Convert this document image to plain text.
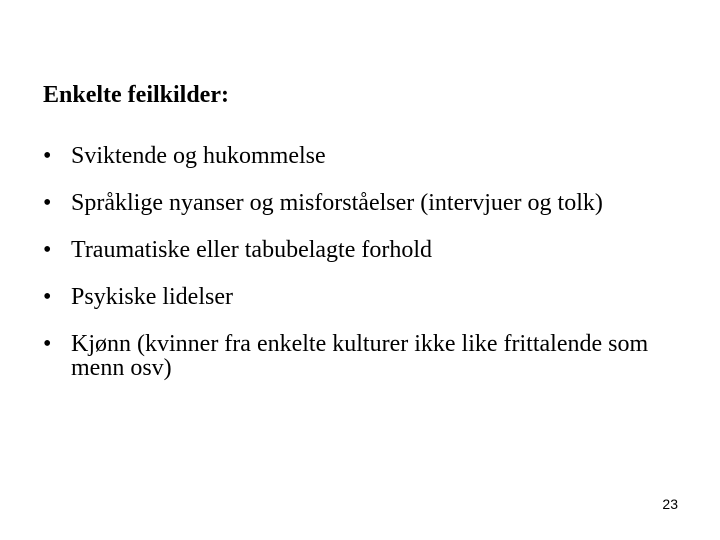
Enkelte feilkilder:
• Sviktende og hukommelse
• Språklige nyanser og misforståelser (intervjuer og tolk)
• Traumatiske eller tabubelagte forhold
• Psykiske lidelser
• Kjønn (kvinner fra enkelte kulturer ikke like frittalende som menn osv)
23
